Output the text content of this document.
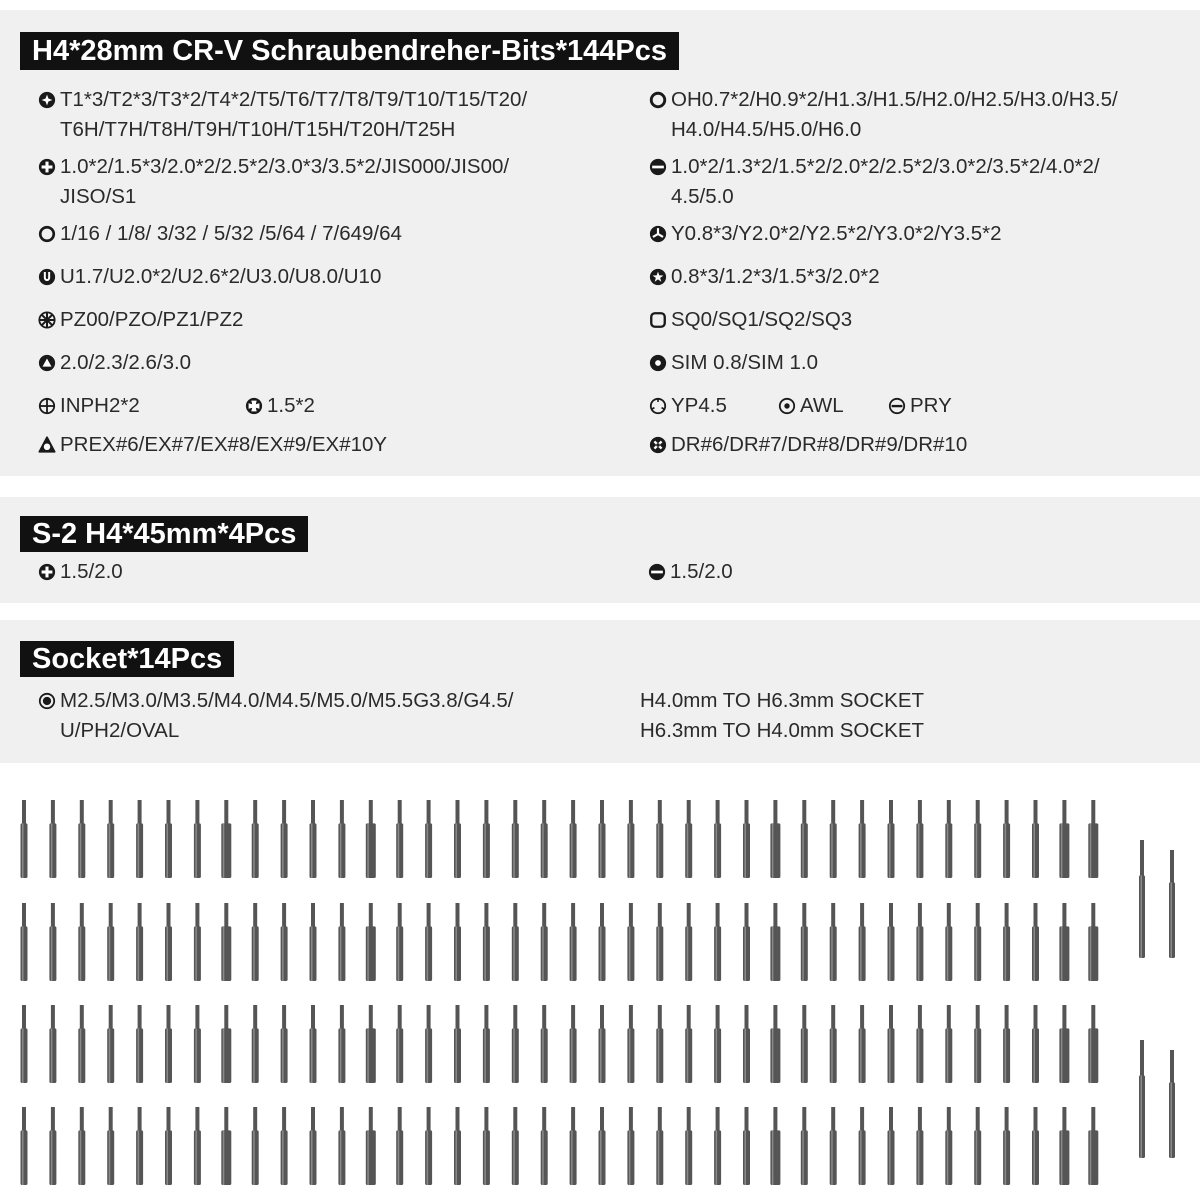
H4*28mm CR-V Schraubendreher-Bits*144Pcs
T1*3/T2*3/T3*2/T4*2/T5/T6/T7/T8/T9/T10/T15/T20/
T6H/T7H/T8H/T9H/T10H/T15H/T20H/T25H
1.0*2/1.5*3/2.0*2/2.5*2/3.0*3/3.5*2/JIS000/JIS00/
JISO/S1
1/16 / 1/8/ 3/32 / 5/32 /5/64 / 7/649/64
U1.7/U2.0*2/U2.6*2/U3.0/U8.0/U10
PZ00/PZO/PZ1/PZ2
2.0/2.3/2.6/3.0
INPH2*2	1.5*2
PREX#6/EX#7/EX#8/EX#9/EX#10Y
OH0.7*2/H0.9*2/H1.3/H1.5/H2.0/H2.5/H3.0/H3.5/
H4.0/H4.5/H5.0/H6.0
1.0*2/1.3*2/1.5*2/2.0*2/2.5*2/3.0*2/3.5*2/4.0*2/
4.5/5.0
Y0.8*3/Y2.0*2/Y2.5*2/Y3.0*2/Y3.5*2
0.8*3/1.2*3/1.5*3/2.0*2
SQ0/SQ1/SQ2/SQ3
SIM 0.8/SIM 1.0
YP4.5	AWL	PRY
DR#6/DR#7/DR#8/DR#9/DR#10
S-2 H4*45mm*4Pcs
1.5/2.0	1.5/2.0
Socket*14Pcs
M2.5/M3.0/M3.5/M4.0/M4.5/M5.0/M5.5G3.8/G4.5/
U/PH2/OVAL
H4.0mm TO H6.3mm SOCKET
H6.3mm TO H4.0mm SOCKET
